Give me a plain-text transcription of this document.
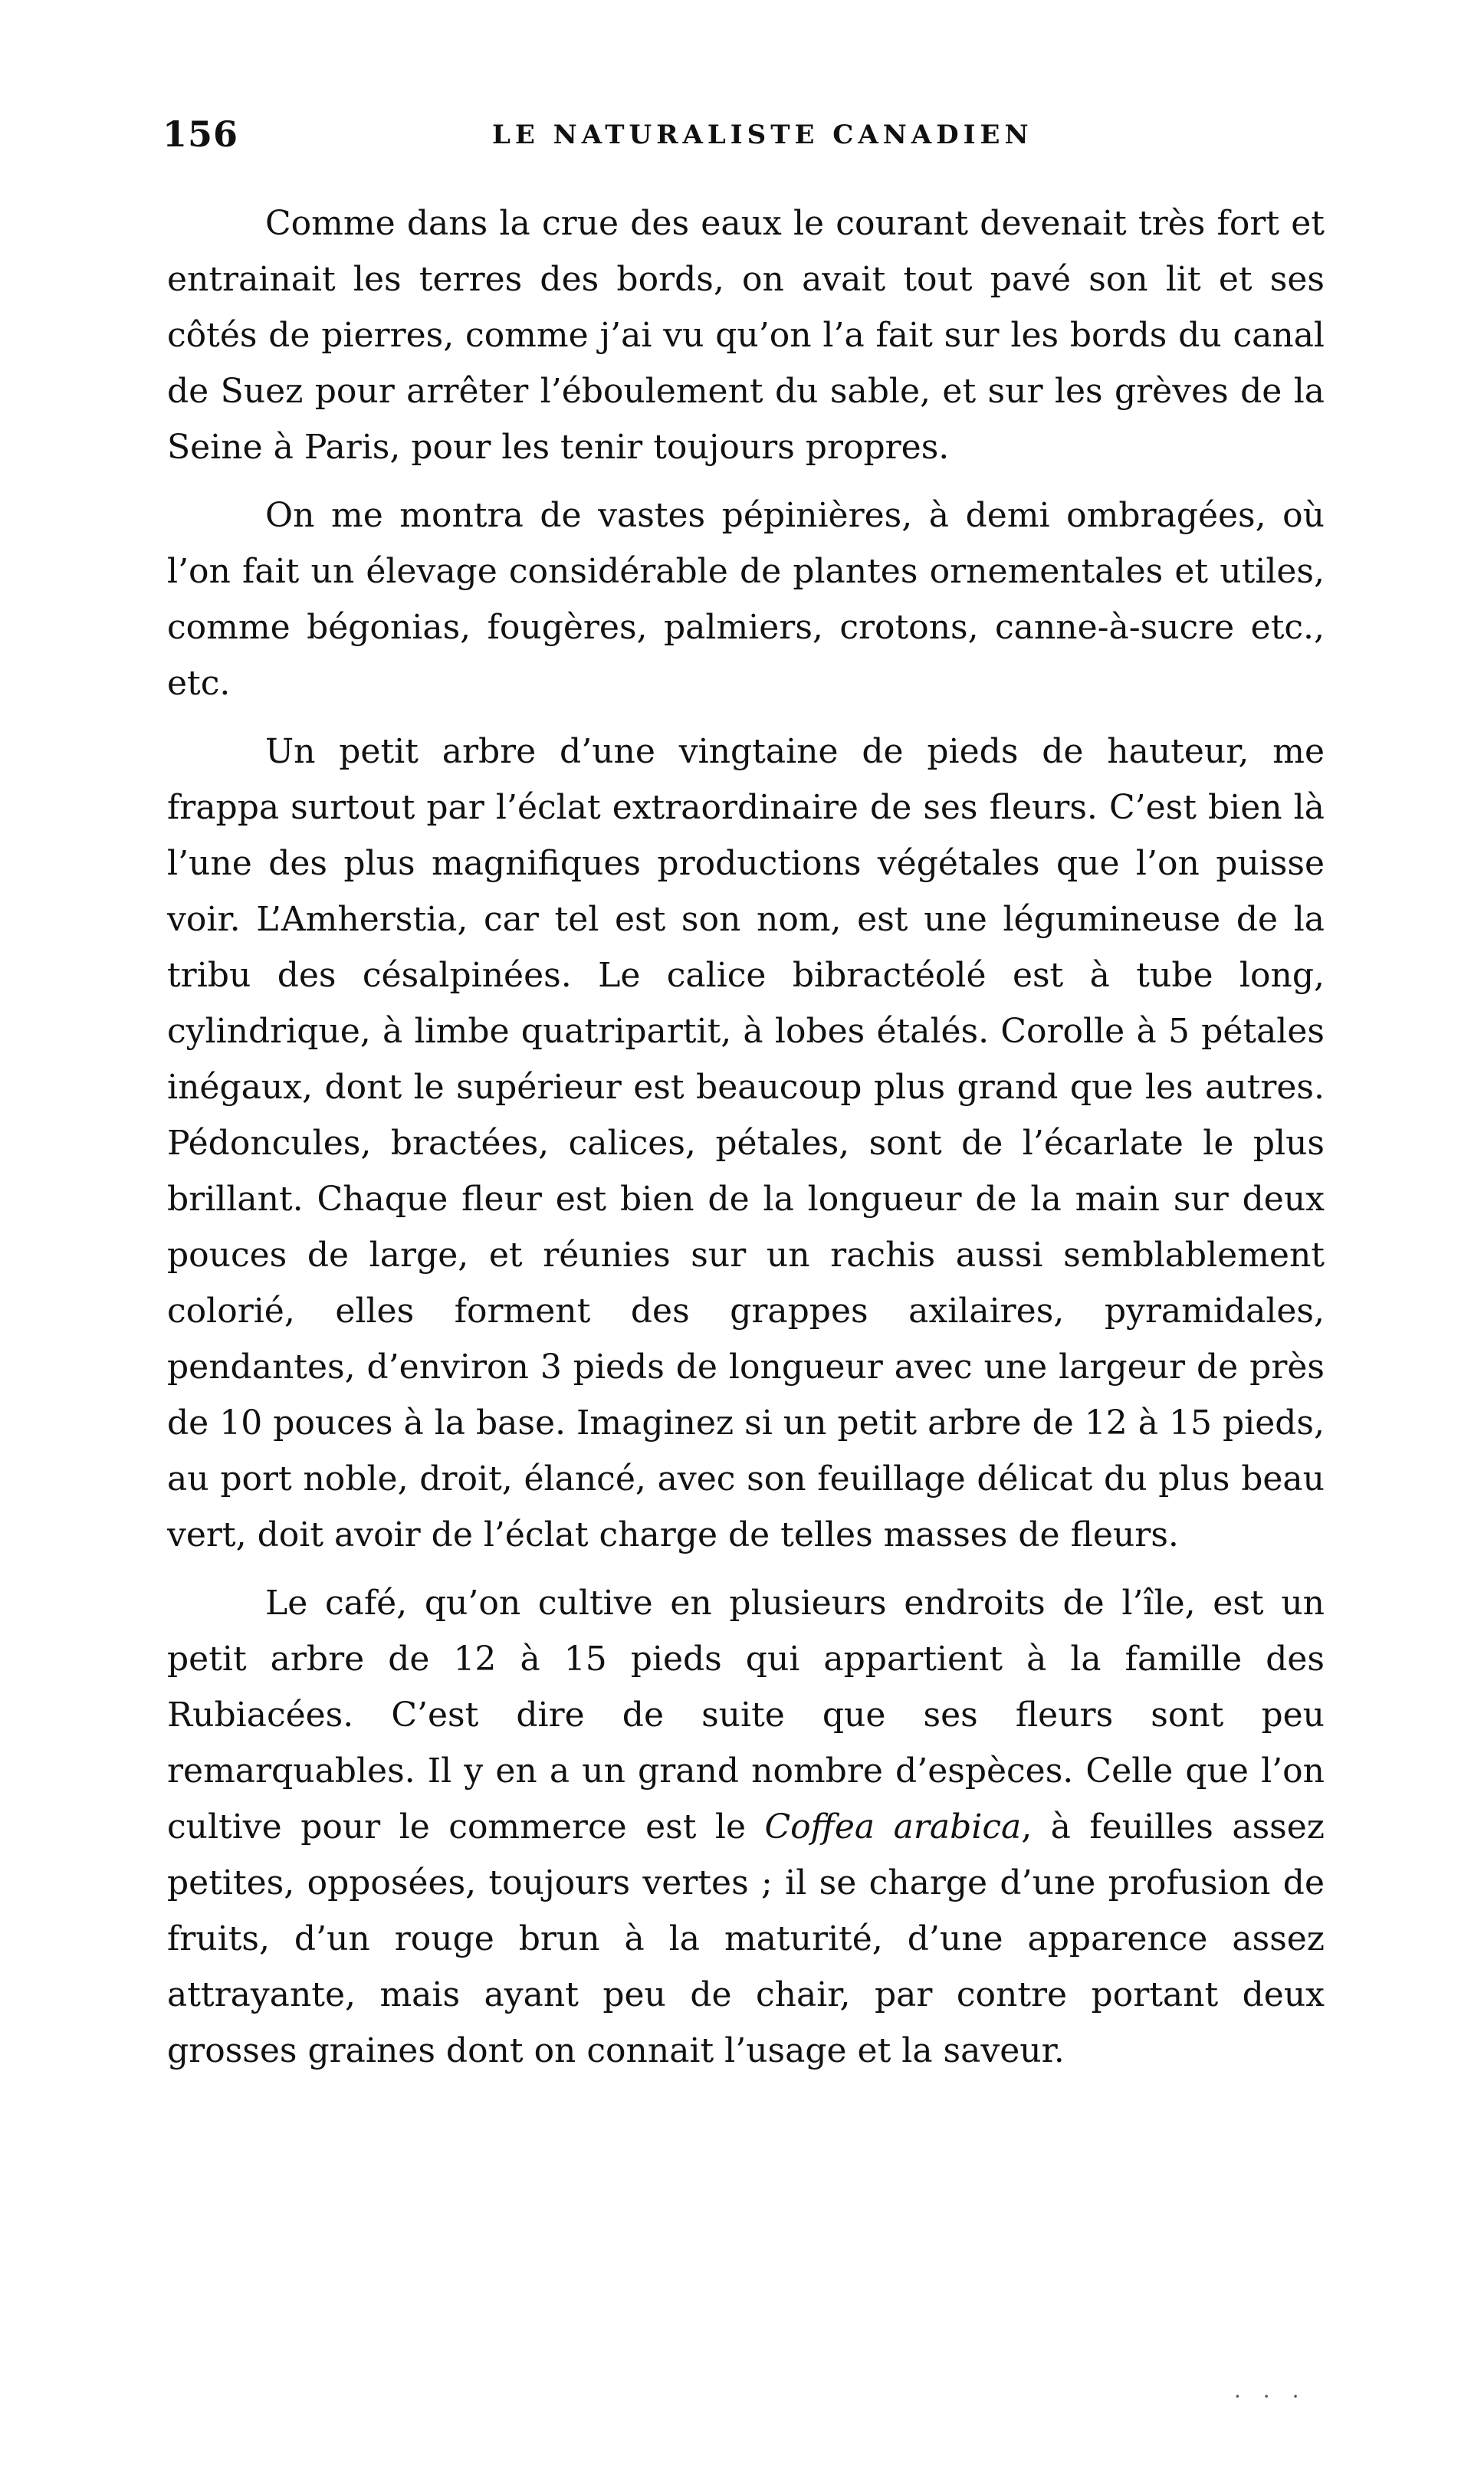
156	LE NATURALISTE CANADIEN

Comme dans la crue des eaux le courant devenait très fort et entrainait les terres des bords, on avait tout pavé son lit et ses côtés de pierres, comme j’ai vu qu’on l’a fait sur les bords du canal de Suez pour arrêter l’éboulement du sable, et sur les grèves de la Seine à Paris, pour les tenir toujours propres.

On me montra de vastes pépinières, à demi ombragées, où l’on fait un élevage considérable de plantes ornementales et utiles, comme bégonias, fougères, palmiers, crotons, canne-à-sucre etc., etc.

Un petit arbre d’une vingtaine de pieds de hauteur, me frappa surtout par l’éclat extraordinaire de ses fleurs. C’est bien là l’une des plus magnifiques productions végétales que l’on puisse voir. L’Amherstia, car tel est son nom, est une légumineuse de la tribu des césalpinées. Le calice bibractéolé est à tube long, cylindrique, à limbe quatripartit, à lobes étalés. Corolle à 5 pétales inégaux, dont le supérieur est beaucoup plus grand que les autres. Pédoncules, bractées, calices, pétales, sont de l’écarlate le plus brillant. Chaque fleur est bien de la longueur de la main sur deux pouces de large, et réunies sur un rachis aussi semblablement colorié, elles forment des grappes axilaires, pyramidales, pendantes, d’environ 3 pieds de longueur avec une largeur de près de 10 pouces à la base. Imaginez si un petit arbre de 12 à 15 pieds, au port noble, droit, élancé, avec son feuillage délicat du plus beau vert, doit avoir de l’éclat charge de telles masses de fleurs.

Le café, qu’on cultive en plusieurs endroits de l’île, est un petit arbre de 12 à 15 pieds qui appartient à la famille des Rubiacées. C’est dire de suite que ses fleurs sont peu remarquables. Il y en a un grand nombre d’espèces. Celle que l’on cultive pour le commerce est le Coffea arabica, à feuilles assez petites, opposées, toujours vertes ; il se charge d’une profusion de fruits, d’un rouge brun à la maturité, d’une apparence assez attrayante, mais ayant peu de chair, par contre portant deux grosses graines dont on connait l’usage et la saveur.

· · ·
